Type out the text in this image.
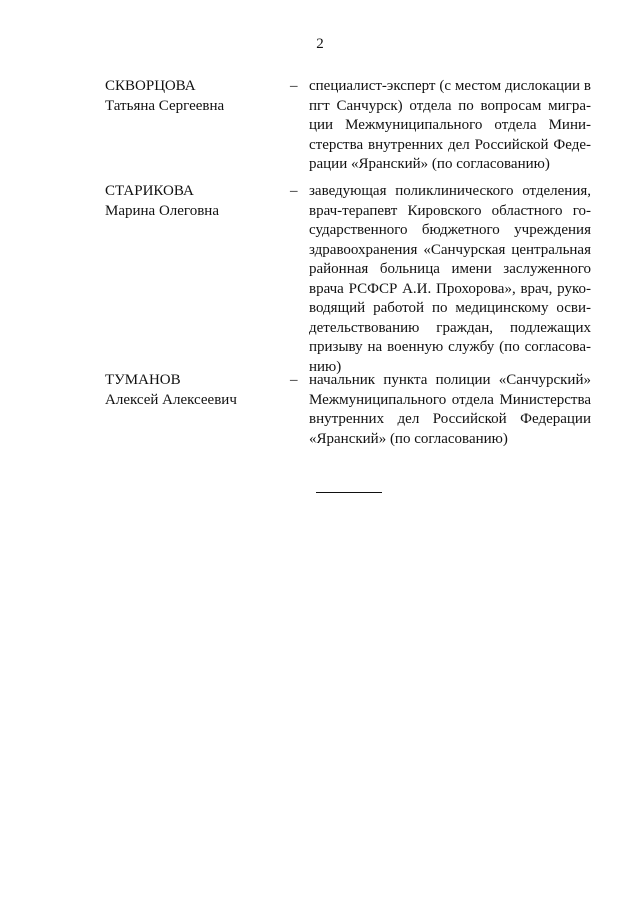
2
СКВОРЦОВА
Татьяна Сергеевна
– специалист-эксперт (с местом дислокации в пгт Санчурск) отдела по вопросам миграции Межмуниципального отдела Министерства внутренних дел Российской Федерации «Яранский» (по согласованию)
СТАРИКОВА
Марина Олеговна
– заведующая поликлинического отделения, врач-терапевт Кировского областного государственного бюджетного учреждения здравоохранения «Санчурская центральная районная больница имени заслуженного врача РСФСР А.И. Прохорова», врач, руководящий работой по медицинскому освидетельствованию граждан, подлежащих призыву на военную службу (по согласованию)
ТУМАНОВ
Алексей Алексеевич
– начальник пункта полиции «Санчурский» Межмуниципального отдела Министерства внутренних дел Российской Федерации «Яранский» (по согласованию)
